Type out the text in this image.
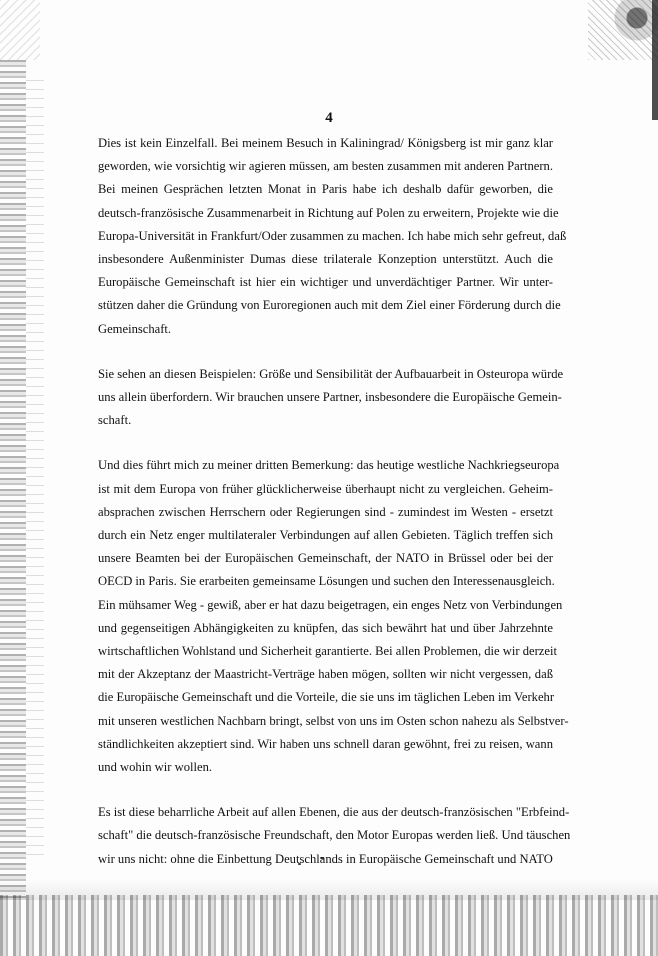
4

Dies ist kein Einzelfall. Bei meinem Besuch in Kaliningrad/ Königsberg ist mir ganz klar
geworden, wie vorsichtig wir agieren müssen, am besten zusammen mit anderen Partnern.
Bei meinen Gesprächen letzten Monat in Paris habe ich deshalb dafür geworben, die
deutsch-französische Zusammenarbeit in Richtung auf Polen zu erweitern, Projekte wie die
Europa-Universität in Frankfurt/Oder zusammen zu machen. Ich habe mich sehr gefreut, daß
insbesondere Außenminister Dumas diese trilaterale Konzeption unterstützt. Auch die
Europäische Gemeinschaft ist hier ein wichtiger und unverdächtiger Partner. Wir unter-
stützen daher die Gründung von Euroregionen auch mit dem Ziel einer Förderung durch die
Gemeinschaft.

Sie sehen an diesen Beispielen: Größe und Sensibilität der Aufbauarbeit in Osteuropa würde
uns allein überfordern. Wir brauchen unsere Partner, insbesondere die Europäische Gemein-
schaft.

Und dies führt mich zu meiner dritten Bemerkung: das heutige westliche Nachkriegseuropa
ist mit dem Europa von früher glücklicherweise überhaupt nicht zu vergleichen. Geheim-
absprachen zwischen Herrschern oder Regierungen sind - zumindest im Westen - ersetzt
durch ein Netz enger multilateraler Verbindungen auf allen Gebieten. Täglich treffen sich
unsere Beamten bei der Europäischen Gemeinschaft, der NATO in Brüssel oder bei der
OECD in Paris. Sie erarbeiten gemeinsame Lösungen und suchen den Interessenausgleich.
Ein mühsamer Weg - gewiß, aber er hat dazu beigetragen, ein enges Netz von Verbindungen
und gegenseitigen Abhängigkeiten zu knüpfen, das sich bewährt hat und über Jahrzehnte
wirtschaftlichen Wohlstand und Sicherheit garantierte. Bei allen Problemen, die wir derzeit
mit der Akzeptanz der Maastricht-Verträge haben mögen, sollten wir nicht vergessen, daß
die Europäische Gemeinschaft und die Vorteile, die sie uns im täglichen Leben im Verkehr
mit unseren westlichen Nachbarn bringt, selbst von uns im Osten schon nahezu als Selbstver-
ständlichkeiten akzeptiert sind. Wir haben uns schnell daran gewöhnt, frei zu reisen, wann
und wohin wir wollen.

Es ist diese beharrliche Arbeit auf allen Ebenen, die aus der deutsch-französischen "Erbfeind-
schaft" die deutsch-französische Freundschaft, den Motor Europas werden ließ. Und täuschen
wir uns nicht: ohne die Einbettung Deutschlands in Europäische Gemeinschaft und NATO
